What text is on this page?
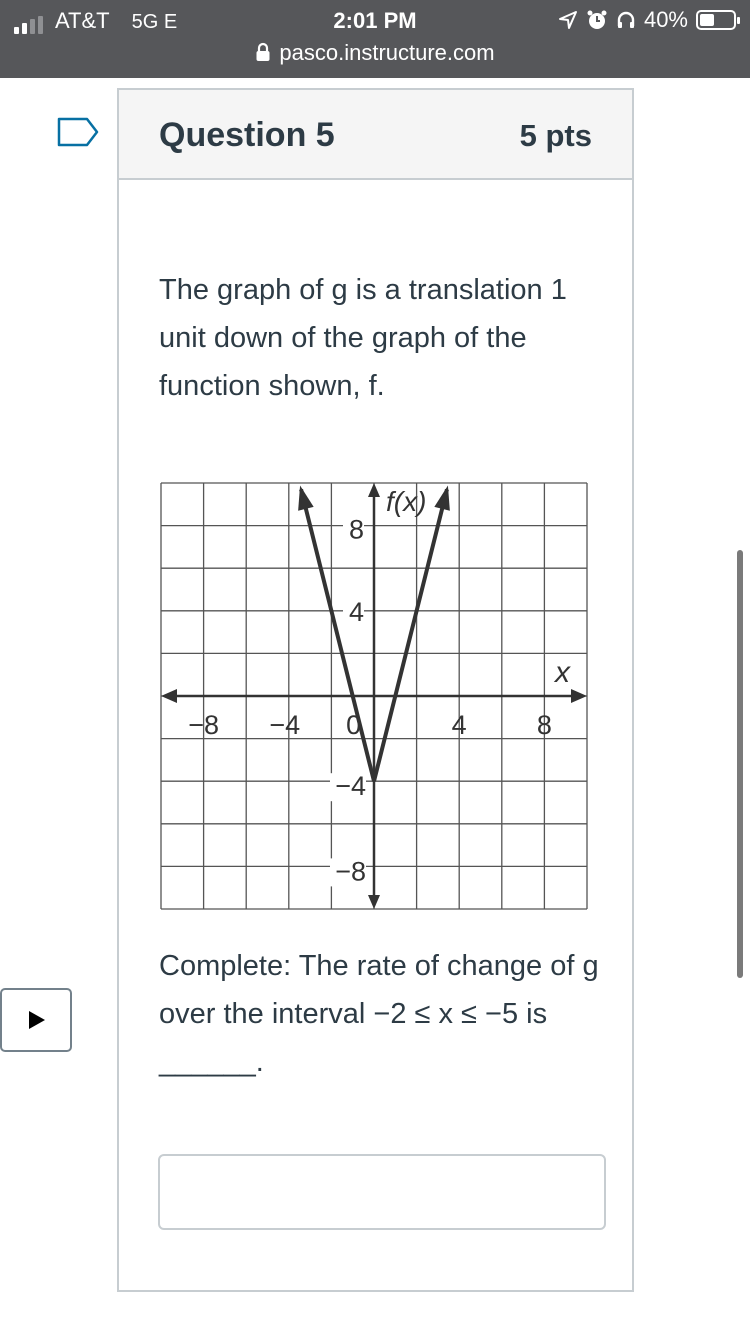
AT&T 5G E	2:01 PM	40%
pasco.instructure.com
Question 5	5 pts
The graph of g is a translation 1 unit down of the graph of the function shown, f.
Complete: The rate of change of g over the interval −2 ≤ x ≤ −5 is ______.
−8 −4 0	4	8
8
4
−4
−8
f(x)
x
